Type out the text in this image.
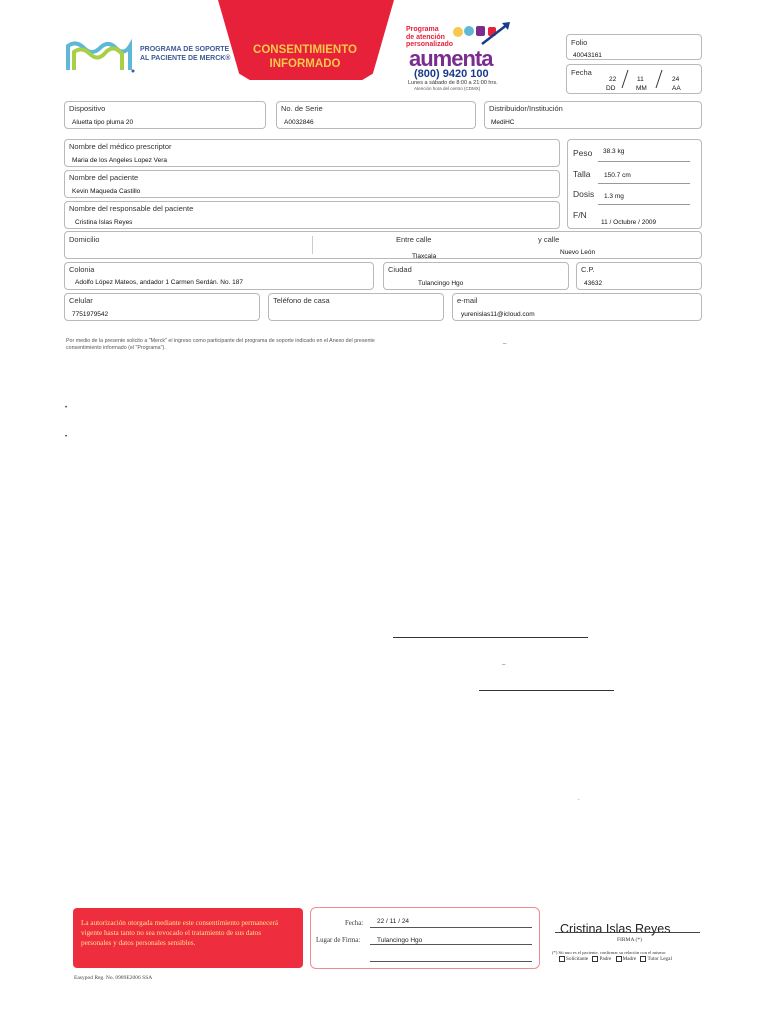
PROGRAMA DE SOPORTE
AL PACIENTE DE MERCK®
CONSENTIMIENTO
INFORMADO
Programa
de atención
personalizado
aumenta
(800) 9420 100
Lunes a sábado de 8:00 a 21:00 hrs.
Atención hora del centro (CDMX)
Folio
40043161
Fecha
22	11	24
DD	MM	AA
Dispositivo
Aluetta tipo pluma 20
No. de Serie
A0032846
Distribuidor/Institución
MediHC
Nombre del médico prescriptor
Maria de los Angeles Lopez Vera
Nombre del paciente
Kevin Maqueda Castillo
Nombre del responsable del paciente
Cristina Islas Reyes
Peso 38.3 kg
Talla 150.7 cm
Dosis 1.3 mg
F/N
11 / Octubre / 2009
Domicilio	Entre calle
Tlaxcala
y calle
Nuevo León
Colonia
Adolfo López Mateos, andador 1 Carmen Serdán. No. 187
Ciudad
Tulancingo Hgo
C.P.
43632
Celular
7751979542
Teléfono de casa	e-mail
yurenislas11@icloud.com
Por medio de la presente solicito a "Merck" el ingreso como participante del programa de soporte indicado en el Anexo del presente consentimiento informado (el "Programa").
_
•
•
_
.
La autorización otorgada mediante este consentimiento permanecerá vigente hasta tanto no sea revocado el tratamiento de sus datos personales y datos personales sensibles.
Fecha: 22 / 11 / 24
Lugar de Firma:	Tulancingo Hgo
Cristina Islas Reyes
FIRMA (*)
(*) Sii nuo es el paciente, confirmar su relación con el mismo:
Solicitante Padre Madre Tutor Legal
Easypod Reg. No. 0989E2006 SSA
